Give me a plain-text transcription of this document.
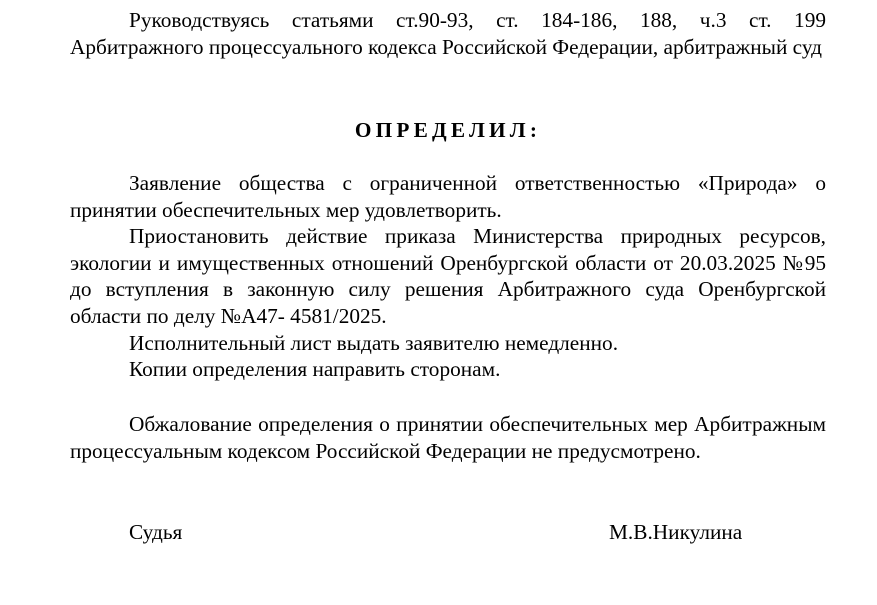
Руководствуясь статьями ст.90-93, ст. 184-186, 188, ч.3 ст. 199 Арбитражного процессуального кодекса Российской Федерации, арбитражный суд

ОПРЕДЕЛИЛ:

Заявление общества с ограниченной ответственностью «Природа» о принятии обеспечительных мер удовлетворить.

Приостановить действие приказа Министерства природных ресурсов, экологии и имущественных отношений Оренбургской области от 20.03.2025 №95 до вступления в законную силу решения Арбитражного суда Оренбургской области по делу №А47- 4581/2025.

Исполнительный лист выдать заявителю немедленно.

Копии определения направить сторонам.

Обжалование определения о принятии обеспечительных мер Арбитражным процессуальным кодексом Российской Федерации не предусмотрено.

Судья	М.В.Никулина
